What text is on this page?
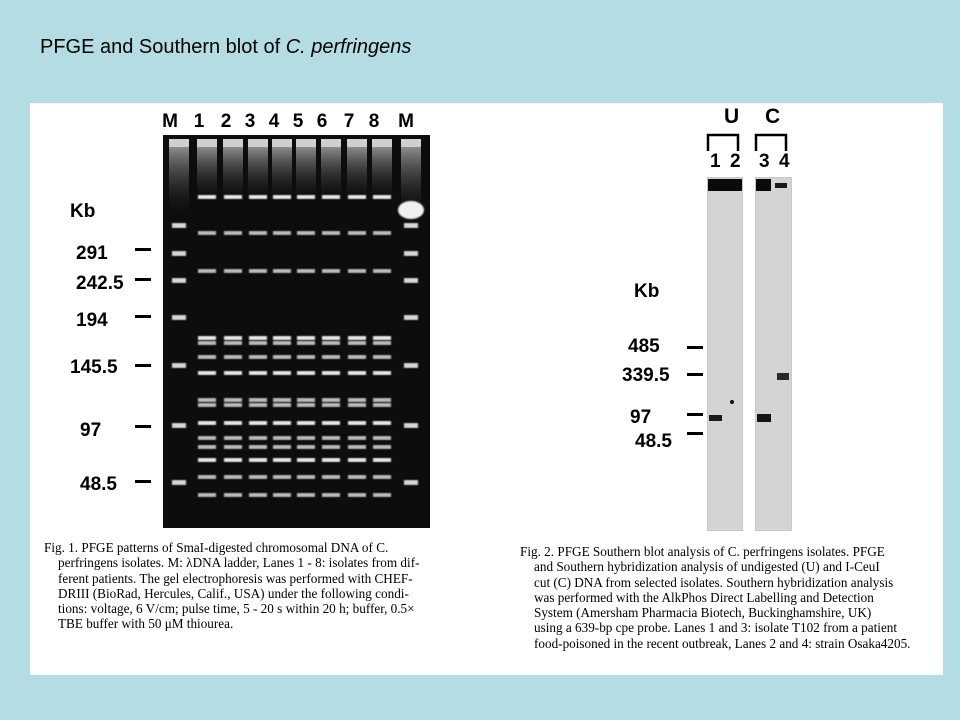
PFGE and Southern blot of C. perfringens
M 1 2 3 4 5 6 7 8 M
Kb
291
242.5
194
145.5
97
48.5
Fig. 1. PFGE patterns of SmaI-digested chromosomal DNA of C.
perfringens isolates. M: λDNA ladder, Lanes 1 - 8: isolates from dif-
ferent patients. The gel electrophoresis was performed with CHEF-
DRIII (BioRad, Hercules, Calif., USA) under the following condi-
tions: voltage, 6 V/cm; pulse time, 5 - 20 s within 20 h; buffer, 0.5×
TBE buffer with 50 μM thiourea.
U C
1 2 3 4
Kb
485
339.5
97
48.5
Fig. 2. PFGE Southern blot analysis of C. perfringens isolates. PFGE
and Southern hybridization analysis of undigested (U) and I-CeuI
cut (C) DNA from selected isolates. Southern hybridization analysis
was performed with the AlkPhos Direct Labelling and Detection
System (Amersham Pharmacia Biotech, Buckinghamshire, UK)
using a 639-bp cpe probe. Lanes 1 and 3: isolate T102 from a patient
food-poisoned in the recent outbreak, Lanes 2 and 4: strain Osaka4205.
